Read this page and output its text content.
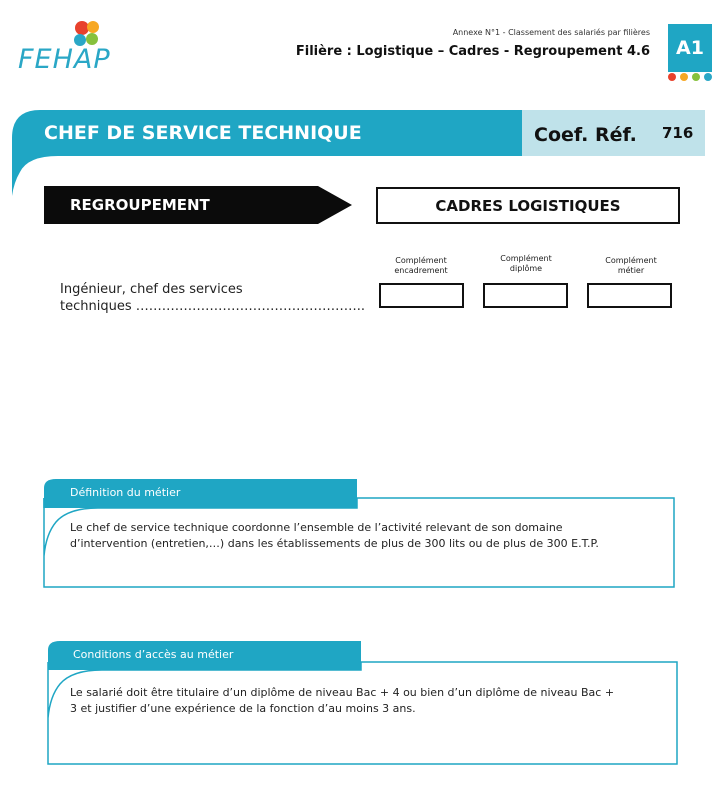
FEHAP
Annexe N°1 - Classement des salariés par filières
Filière : Logistique – Cadres - Regroupement 4.6	A1
CHEF DE SERVICE TECHNIQUE	Coef. Réf. 716
REGROUPEMENT	CADRES LOGISTIQUES
Complément
encadrement
Complément
diplôme
Complément
métier
Ingénieur, chef des services
techniques ……………………………………………..
Définition du métier
Le chef de service technique coordonne l’ensemble de l’activité relevant de son domaine
d’intervention (entretien,…) dans les établissements de plus de 300 lits ou de plus de 300 E.T.P.
Conditions d’accès au métier
Le salarié doit être titulaire d’un diplôme de niveau Bac + 4 ou bien d’un diplôme de niveau Bac +
3 et justifier d’une expérience de la fonction d’au moins 3 ans.
